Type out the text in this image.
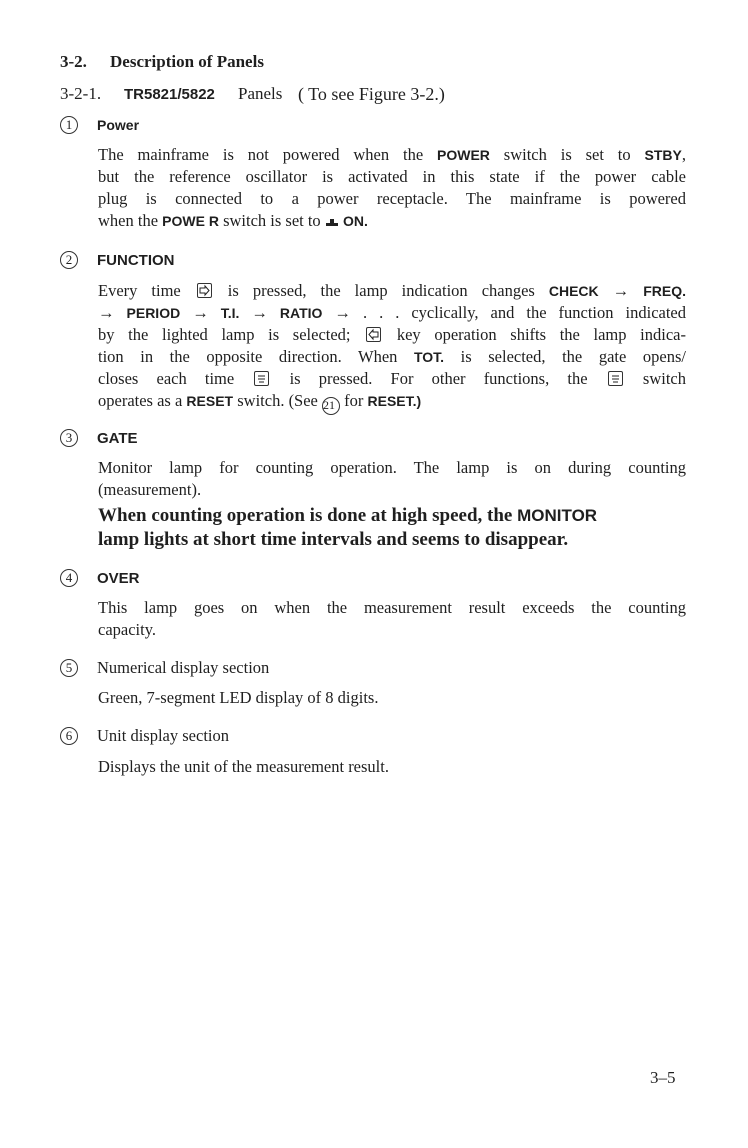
3-2. Description of Panels
3-2-1. TR5821/5822 Panels ( To see Figure 3-2.)
1	Power
The mainframe is not powered when the POWER switch is set to STBY,
but the reference oscillator is activated in this state if the power cable
plug is connected to a power receptacle. The mainframe is powered
when the POWE R switch is set to  ON.
2	FUNCTION
Every time
is pressed, the lamp indication changes CHECK → FREQ.
→ PERIOD → T.I. → RATIO → . . . cyclically, and the function indicated
by the lighted lamp is selected;
key operation shifts the lamp indica-
tion in the opposite direction. When TOT. is selected, the gate opens/
closes each time
is pressed. For other functions, the
switch
operates as a RESET switch. (See 21 for RESET.)
3	GATE
Monitor lamp for counting operation. The lamp is on during counting
(measurement).
When counting operation is done at high speed, the MONITOR
lamp lights at short time intervals and seems to disappear.
4	OVER
This lamp goes on when the measurement result exceeds the counting
capacity.
5	Numerical display section
Green, 7-segment LED display of 8 digits.
6	Unit display section
Displays the unit of the measurement result.
3–5
